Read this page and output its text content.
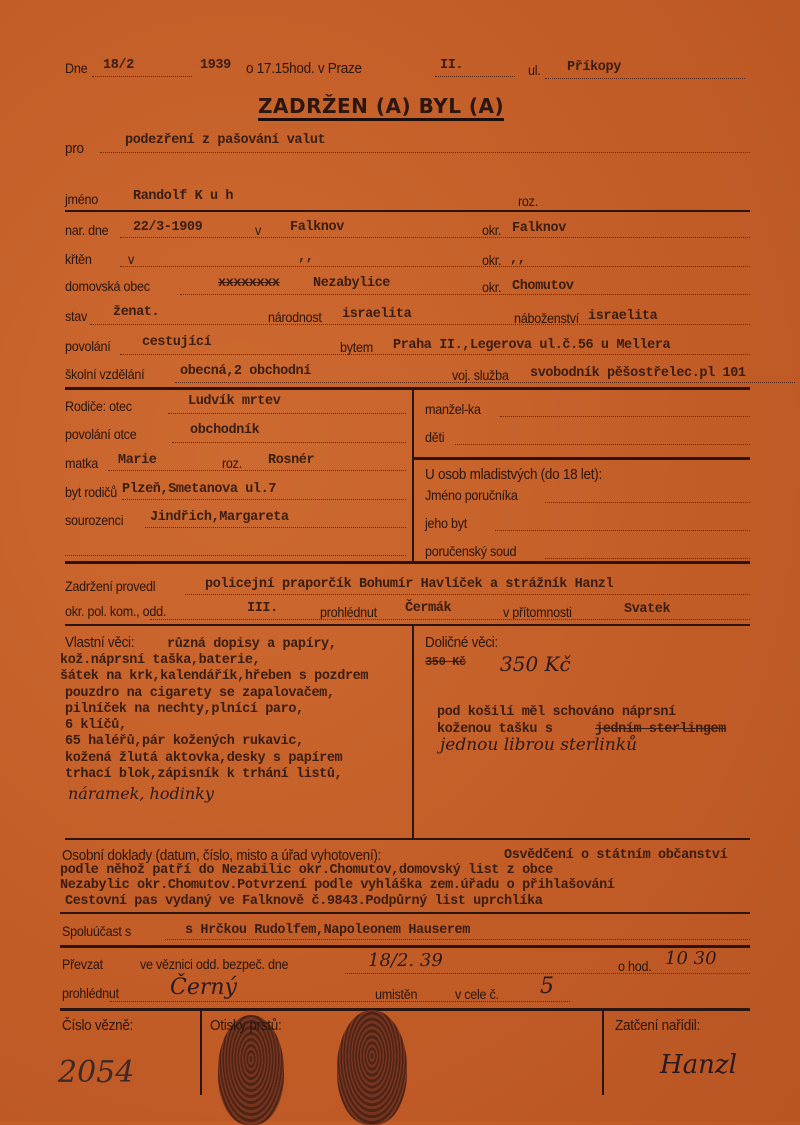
Dne 18/2	1939 o 17.15hod. v Praze	II.	ul. Příkopy
ZADRŽEN (A) BYL (A)
pro	podezření z pašování valut
jméno	Randolf K u h	roz.
nar. dne 22/3-1909	v Falknov	okr. Falknov
křtěn	v	,,	okr. ,,
domovská obec	xxxxxxxx Nezabylice	okr. Chomutov
stav ženat.	národnost israelita	náboženství israelita
povolání cestující	bytem Praha II.,Legerova ul.č.56 u Mellera
školní vzdělání	obecná,2 obchodní	voj. služba svobodník pěšostřelec.pl 101
Rodiče: otec	Ludvík mrtev
povolání otce	obchodník
matka Marie	roz. Rosnér
byt rodičů Plzeň,Smetanova ul.7
sourozenci Jindřich,Margareta
manžel-ka
děti
U osob mladistvých (do 18 let):
Jméno poručníka
jeho byt
poručenský soud
Zadržení provedl	policejní praporčík Bohumír Havlíček a strážník Hanzl
okr. pol. kom., odd.	III.	prohlédnut Čermák	v přítomnosti	Svatek
Vlastní věci: různá dopisy a papíry,
kož.náprsní taška,baterie,
šátek na krk,kalendářík,hřeben s pozdrem
pouzdro na cigarety se zapalovačem,
pilníček na nechty,plnící paro,
6 klíčů,
65 haléřů,pár kožených rukavic,
kožená žlutá aktovka,desky s papírem
trhací blok,zápisník k trhání listů,
náramek, hodinky
Doličné věci:
350 Kč 350 Kč
pod košilí měl schováno náprsní
koženou tašku s	jedním sterlingem
jednou librou sterlinků
Osobní doklady (datum, číslo, misto a úřad vyhotovení):	Osvědčení o státním občanství
podle něhož patří do Nezabilic okr.Chomutov,domovský list z obce
Nezabylic okr.Chomutov.Potvrzení podle vyhláška zem.úřadu o přihlašování
Cestovní pas vydaný ve Falknově č.9843.Podpůrný list uprchlíka
Spoluúčast s	s Hrčkou Rudolfem,Napoleonem Hauserem
Převzat	ve věznici odd. bezpeč. dne	18/2. 39	o hod. 10 30
prohlédnut Černý	umistěn	v cele č. 5
Číslo vězně:
2054
Otisky prstů:	Zatčení nařídil:
Hanzl
